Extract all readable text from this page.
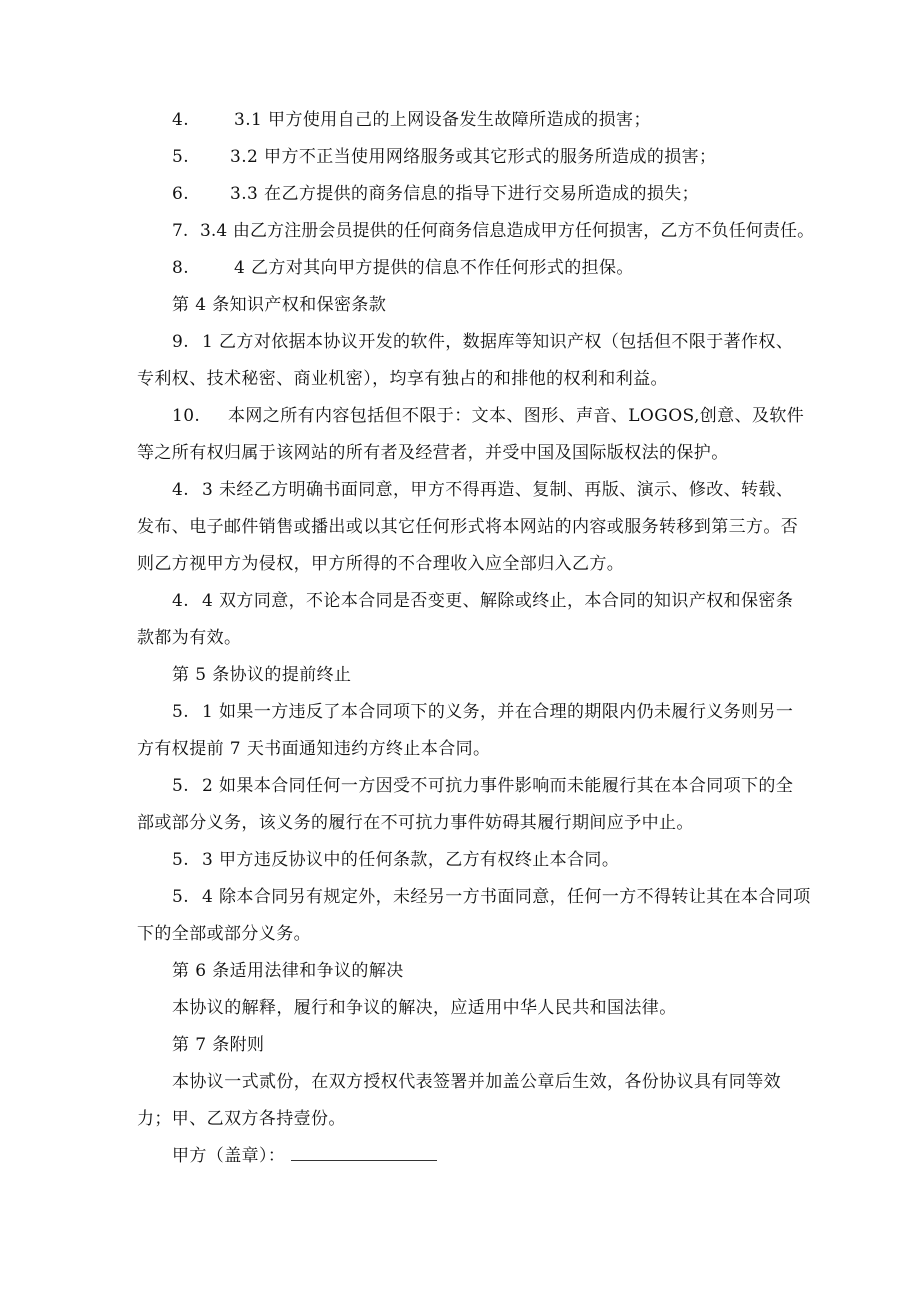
4.	3.1 甲方使用自己的上网设备发生故障所造成的损害；
5. 3.2 甲方不正当使用网络服务或其它形式的服务所造成的损害；
6. 3.3 在乙方提供的商务信息的指导下进行交易所造成的损失；
7. 3.4 由乙方注册会员提供的任何商务信息造成甲方任何损害，乙方不负任何责任。
8.	4 乙方对其向甲方提供的信息不作任何形式的担保。
第 4 条知识产权和保密条款
9. 1 乙方对依据本协议开发的软件，数据库等知识产权（包括但不限于著作权、
专利权、技术秘密、商业机密），均享有独占的和排他的权利和利益。
10. 本网之所有内容包括但不限于：文本、图形、声音、LOGOS,创意、及软件
等之所有权归属于该网站的所有者及经营者，并受中国及国际版权法的保护。
4. 3 未经乙方明确书面同意，甲方不得再造、复制、再版、演示、修改、转载、
发布、电子邮件销售或播出或以其它任何形式将本网站的内容或服务转移到第三方。否
则乙方视甲方为侵权，甲方所得的不合理收入应全部归入乙方。
4. 4 双方同意，不论本合同是否变更、解除或终止，本合同的知识产权和保密条
款都为有效。
第 5 条协议的提前终止
5. 1 如果一方违反了本合同项下的义务，并在合理的期限内仍未履行义务则另一
方有权提前 7 天书面通知违约方终止本合同。
5. 2 如果本合同任何一方因受不可抗力事件影响而未能履行其在本合同项下的全
部或部分义务，该义务的履行在不可抗力事件妨碍其履行期间应予中止。
5. 3 甲方违反协议中的任何条款，乙方有权终止本合同。
5. 4 除本合同另有规定外，未经另一方书面同意，任何一方不得转让其在本合同项
下的全部或部分义务。
第 6 条适用法律和争议的解决
本协议的解释，履行和争议的解决，应适用中华人民共和国法律。
第 7 条附则
本协议一式贰份，在双方授权代表签署并加盖公章后生效，各份协议具有同等效
力；甲、乙双方各持壹份。
甲方（盖章）：
